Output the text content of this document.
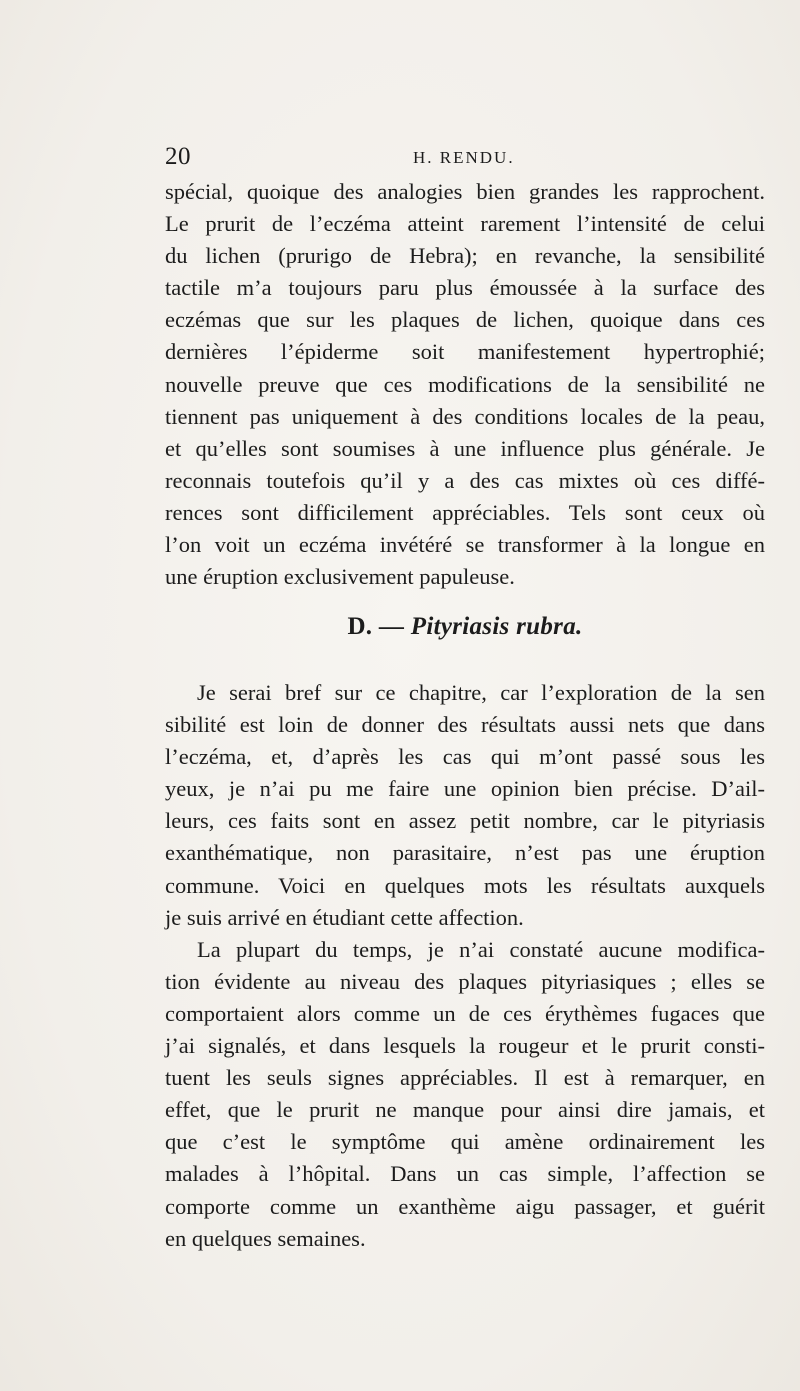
20	H. RENDU.
spécial, quoique des analogies bien grandes les rapprochent.
Le prurit de l’eczéma atteint rarement l’intensité de celui
du lichen (prurigo de Hebra); en revanche, la sensibilité
tactile m’a toujours paru plus émoussée à la surface des
eczémas que sur les plaques de lichen, quoique dans ces
dernières l’épiderme soit manifestement hypertrophié;
nouvelle preuve que ces modifications de la sensibilité ne
tiennent pas uniquement à des conditions locales de la peau,
et qu’elles sont soumises à une influence plus générale. Je
reconnais toutefois qu’il y a des cas mixtes où ces diffé-
rences sont difficilement appréciables. Tels sont ceux où
l’on voit un eczéma invétéré se transformer à la longue en
une éruption exclusivement papuleuse.
D. — Pityriasis rubra.
Je serai bref sur ce chapitre, car l’exploration de la sen
sibilité est loin de donner des résultats aussi nets que dans
l’eczéma, et, d’après les cas qui m’ont passé sous les
yeux, je n’ai pu me faire une opinion bien précise. D’ail-
leurs, ces faits sont en assez petit nombre, car le pityriasis
exanthématique, non parasitaire, n’est pas une éruption
commune. Voici en quelques mots les résultats auxquels
je suis arrivé en étudiant cette affection.
La plupart du temps, je n’ai constaté aucune modifica-
tion évidente au niveau des plaques pityriasiques ; elles se
comportaient alors comme un de ces érythèmes fugaces que
j’ai signalés, et dans lesquels la rougeur et le prurit consti-
tuent les seuls signes appréciables. Il est à remarquer, en
effet, que le prurit ne manque pour ainsi dire jamais, et
que c’est le symptôme qui amène ordinairement les
malades à l’hôpital. Dans un cas simple, l’affection se
comporte comme un exanthème aigu passager, et guérit
en quelques semaines.
